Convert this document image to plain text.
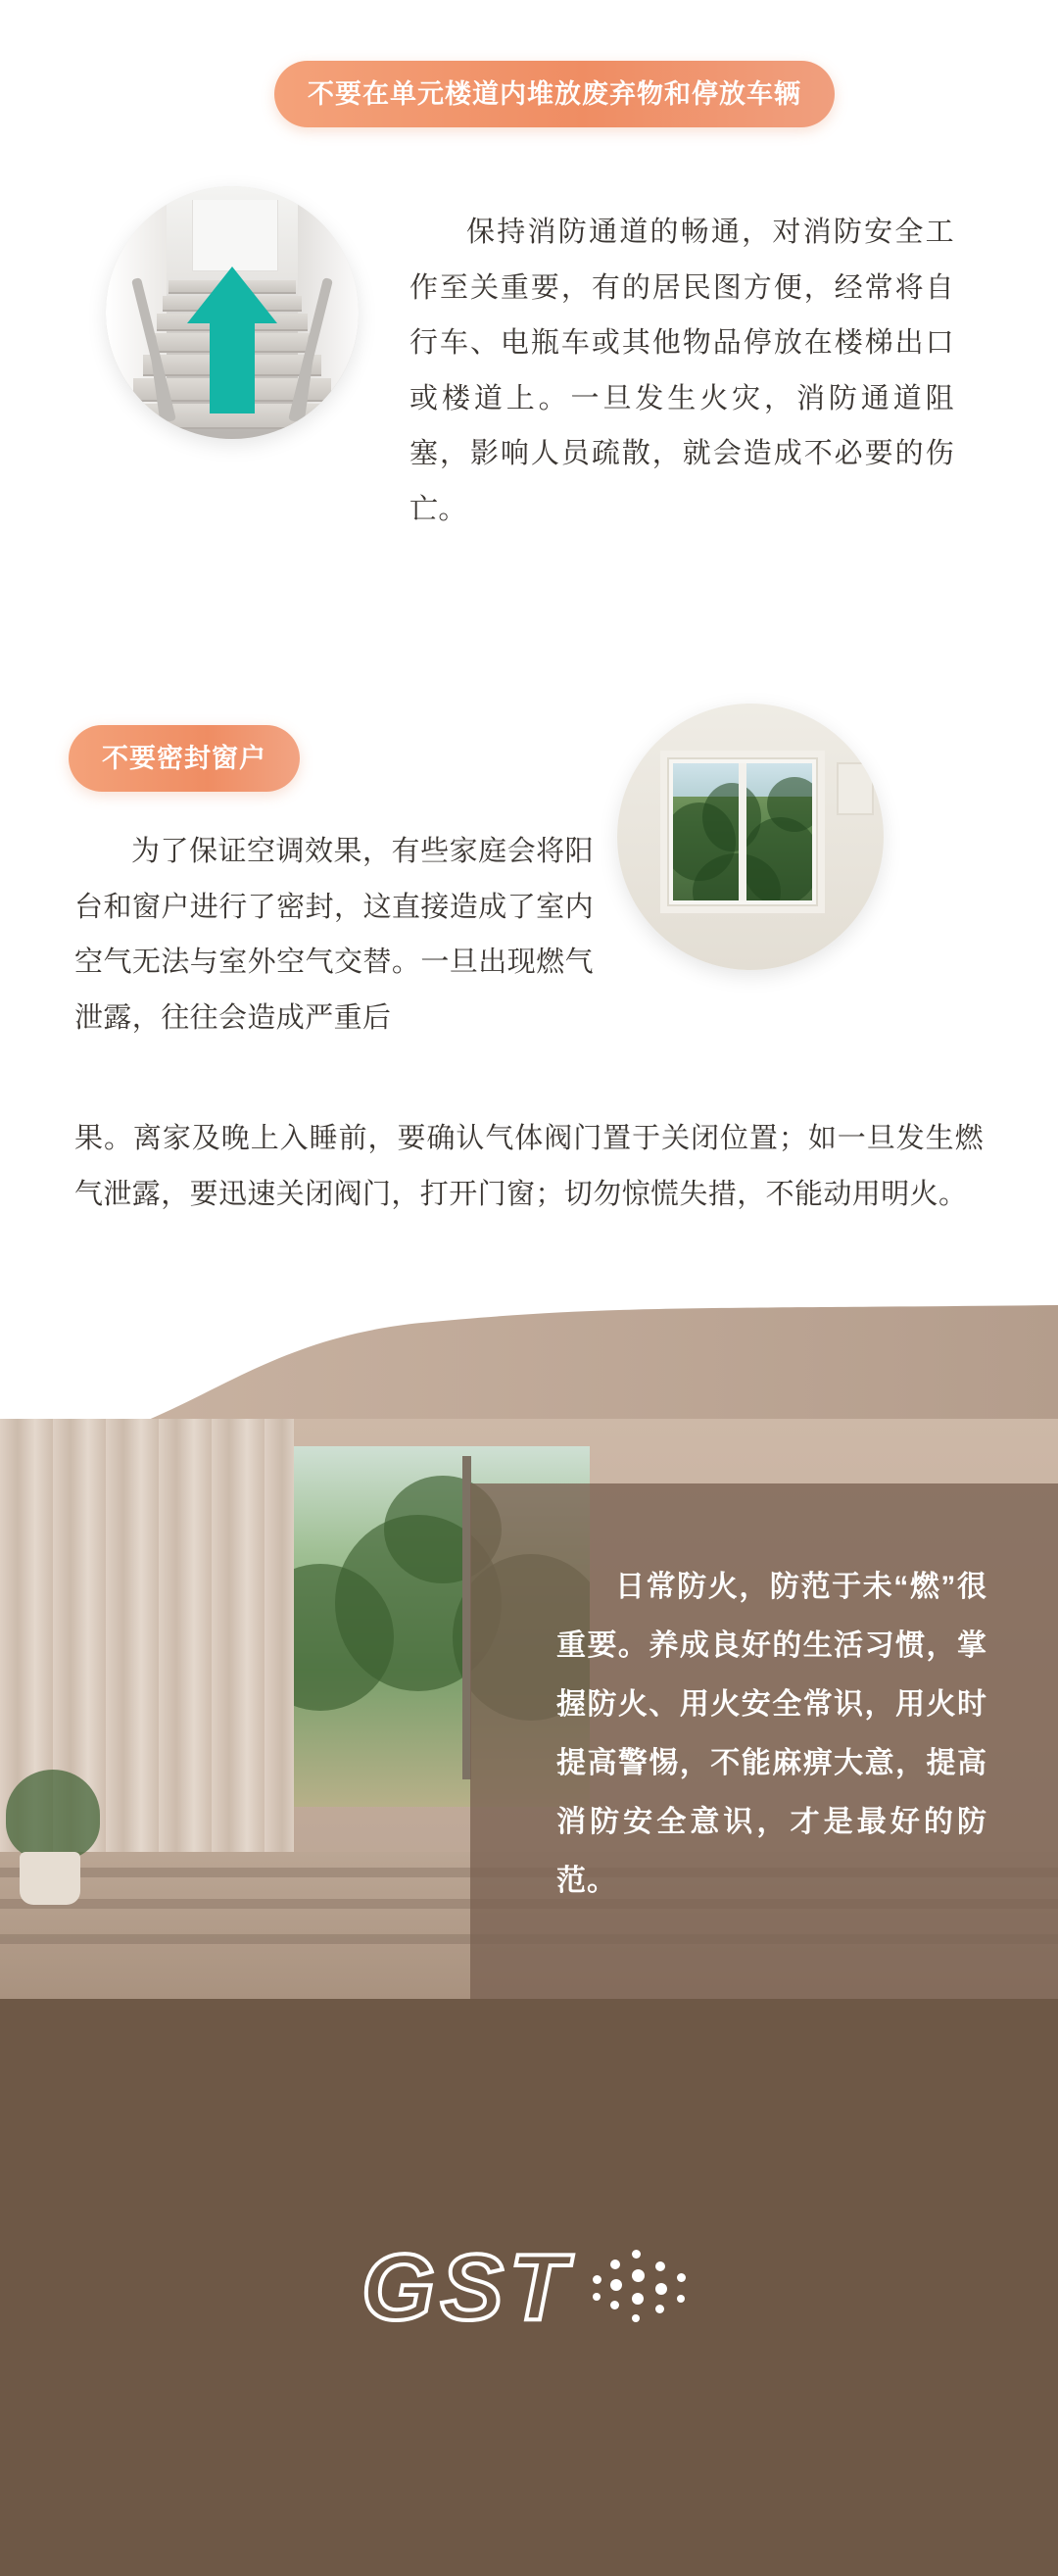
不要在单元楼道内堆放废弃物和停放车辆

保持消防通道的畅通，对消防安全工作至关重要，有的居民图方便，经常将自行车、电瓶车或其他物品停放在楼梯出口或楼道上。一旦发生火灾，消防通道阻塞，影响人员疏散，就会造成不必要的伤亡。

不要密封窗户

为了保证空调效果，有些家庭会将阳台和窗户进行了密封，这直接造成了室内空气无法与室外空气交替。一旦出现燃气泄露，往往会造成严重后

果。离家及晚上入睡前，要确认气体阀门置于关闭位置；如一旦发生燃气泄露，要迅速关闭阀门，打开门窗；切勿惊慌失措，不能动用明火。

日常防火，防范于未“燃”很重要。养成良好的生活习惯，掌握防火、用火安全常识，用火时提高警惕，不能麻痹大意，提高消防安全意识，才是最好的防范。

GST
